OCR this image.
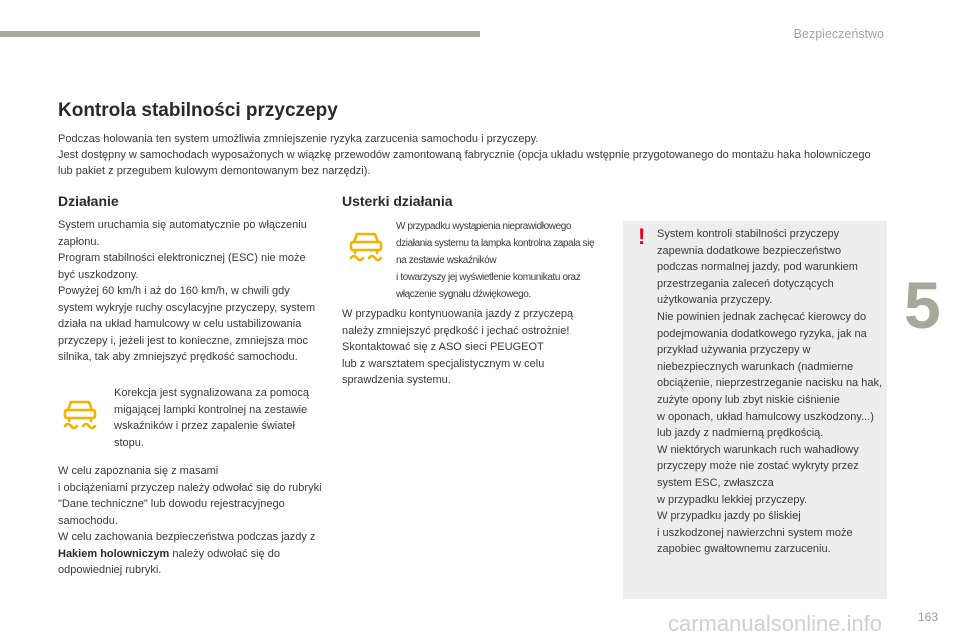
Bezpieczeństwo
5
carmanualsonline.info	163
Kontrola stabilności przyczepy

Podczas holowania ten system umożliwia zmniejszenie ryzyka zarzucenia samochodu i przyczepy.
Jest dostępny w samochodach wyposażonych w wiązkę przewodów zamontowaną fabrycznie (opcja układu wstępnie przygotowanego do montażu haka holowniczego lub pakiet z przegubem kulowym demontowanym bez narzędzi).

Działanie

System uruchamia się automatycznie po włączeniu zapłonu.
Program stabilności elektronicznej (ESC) nie może być uszkodzony.
Powyżej 60 km/h i aż do 160 km/h, w chwili gdy system wykryje ruchy oscylacyjne przyczepy, system działa na układ hamulcowy w celu ustabilizowania przyczepy i, jeżeli jest to konieczne, zmniejsza moc silnika, tak aby zmniejszyć prędkość samochodu.

Korekcja jest sygnalizowana za pomocą migającej lampki kontrolnej na zestawie wskaźników i przez zapalenie świateł stopu.

W celu zapoznania się z masami
i obciążeniami przyczep należy odwołać się do rubryki "Dane techniczne" lub dowodu rejestracyjnego samochodu.
W celu zachowania bezpieczeństwa podczas jazdy z Hakiem holowniczym należy odwołać się do odpowiedniej rubryki.

Usterki działania

W przypadku wystąpienia nieprawidłowego działania systemu ta lampka kontrolna zapala się na zestawie wskaźników
i towarzyszy jej wyświetlenie komunikatu oraz włączenie sygnału dźwiękowego.

W przypadku kontynuowania jazdy z przyczepą należy zmniejszyć prędkość i jechać ostrożnie!
Skontaktować się z ASO sieci PEUGEOT
lub z warsztatem specjalistycznym w celu sprawdzenia systemu.

! System kontroli stabilności przyczepy zapewnia dodatkowe bezpieczeństwo podczas normalnej jazdy, pod warunkiem przestrzegania zaleceń dotyczących użytkowania przyczepy.
Nie powinien jednak zachęcać kierowcy do podejmowania dodatkowego ryzyka, jak na przykład używania przyczepy w niebezpiecznych warunkach (nadmierne obciążenie, nieprzestrzeganie nacisku na hak, zużyte opony lub zbyt niskie ciśnienie
w oponach, układ hamulcowy uszkodzony...) lub jazdy z nadmierną prędkością.
W niektórych warunkach ruch wahadłowy przyczepy może nie zostać wykryty przez system ESC, zwłaszcza
w przypadku lekkiej przyczepy.
W przypadku jazdy po śliskiej
i uszkodzonej nawierzchni system może zapobiec gwałtownemu zarzuceniu.
